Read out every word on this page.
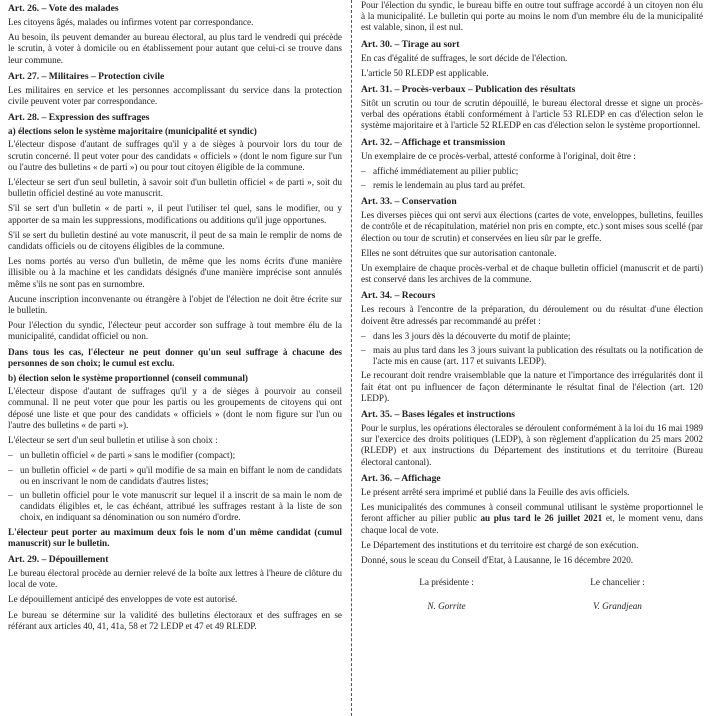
Art. 26. – Vote des malades

Les citoyens âgés, malades ou infirmes votent par correspondance.

Au besoin, ils peuvent demander au bureau électoral, au plus tard le vendredi qui précède le scrutin, à voter à domicile ou en établissement pour autant que celui-ci se trouve dans leur commune.

Art. 27. – Militaires – Protection civile

Les militaires en service et les personnes accomplissant du service dans la protection civile peuvent voter par correspondance.

Art. 28. – Expression des suffrages
a) élections selon le système majoritaire (municipalité et syndic)

L'électeur dispose d'autant de suffrages qu'il y a de sièges à pourvoir lors du tour de scrutin concerné. Il peut voter pour des candidats « officiels » (dont le nom figure sur l'un ou l'autre des bulletins « de parti ») ou pour tout citoyen éligible de la commune.

L'électeur se sert d'un seul bulletin, à savoir soit d'un bulletin officiel « de parti », soit du bulletin officiel destiné au vote manuscrit.

S'il se sert d'un bulletin « de parti », il peut l'utiliser tel quel, sans le modifier, ou y apporter de sa main les suppressions, modifications ou additions qu'il juge opportunes.

S'il se sert du bulletin destiné au vote manuscrit, il peut de sa main le remplir de noms de candidats officiels ou de citoyens éligibles de la commune.

Les noms portés au verso d'un bulletin, de même que les noms écrits d'une manière illisible ou à la machine et les candidats désignés d'une manière imprécise sont annulés même s'ils ne sont pas en surnombre.

Aucune inscription inconvenante ou étrangère à l'objet de l'élection ne doit être écrite sur le bulletin.

Pour l'élection du syndic, l'électeur peut accorder son suffrage à tout membre élu de la municipalité, candidat officiel ou non.

Dans tous les cas, l'électeur ne peut donner qu'un seul suffrage à chacune des personnes de son choix; le cumul est exclu.

b) élection selon le système proportionnel (conseil communal)

L'électeur dispose d'autant de suffrages qu'il y a de sièges à pourvoir au conseil communal. Il ne peut voter que pour les partis ou les groupements de citoyens qui ont déposé une liste et que pour des candidats « officiels » (dont le nom figure sur l'un ou l'autre des bulletins « de parti »).

L'électeur se sert d'un seul bulletin et utilise à son choix :

– un bulletin officiel « de parti » sans le modifier (compact);
– un bulletin officiel « de parti » qu'il modifie de sa main en biffant le nom de candidats ou en inscrivant le nom de candidats d'autres listes;
– un bulletin officiel pour le vote manuscrit sur lequel il a inscrit de sa main le nom de candidats éligibles et, le cas échéant, attribué les suffrages restant à la liste de son choix, en indiquant sa dénomination ou son numéro d'ordre.

L'électeur peut porter au maximum deux fois le nom d'un même candidat (cumul manuscrit) sur le bulletin.

Art. 29. – Dépouillement

Le bureau électoral procède au dernier relevé de la boîte aux lettres à l'heure de clôture du local de vote.

Le dépouillement anticipé des enveloppes de vote est autorisé.

Le bureau se détermine sur la validité des bulletins électoraux et des suffrages en se référant aux articles 40, 41, 41a, 58 et 72 LEDP et 47 et 49 RLEDP.

Pour l'élection du syndic, le bureau biffe en outre tout suffrage accordé à un citoyen non élu à la municipalité. Le bulletin qui porte au moins le nom d'un membre élu de la municipalité est valable, sinon, il est nul.

Art. 30. – Tirage au sort

En cas d'égalité de suffrages, le sort décide de l'élection.

L'article 50 RLEDP est applicable.

Art. 31. – Procès-verbaux – Publication des résultats

Sitôt un scrutin ou tour de scrutin dépouillé, le bureau électoral dresse et signe un procès-verbal des opérations établi conformément à l'article 53 RLEDP en cas d'élection selon le système majoritaire et à l'article 52 RLEDP en cas d'élection selon le système proportionnel.

Art. 32. – Affichage et transmission

Un exemplaire de ce procès-verbal, attesté conforme à l'original, doit être :

– affiché immédiatement au pilier public;
– remis le lendemain au plus tard au préfet.
Art. 33. – Conservation

Les diverses pièces qui ont servi aux élections (cartes de vote, enveloppes, bulletins, feuilles de contrôle et de récapitulation, matériel non pris en compte, etc.) sont mises sous scellé (par élection ou tour de scrutin) et conservées en lieu sûr par le greffe.

Elles ne sont détruites que sur autorisation cantonale.

Un exemplaire de chaque procès-verbal et de chaque bulletin officiel (manuscrit et de parti) est conservé dans les archives de la commune.

Art. 34. – Recours

Les recours à l'encontre de la préparation, du déroulement ou du résultat d'une élection doivent être adressés par recommandé au préfet :

– dans les 3 jours dès la découverte du motif de plainte;
– mais au plus tard dans les 3 jours suivant la publication des résultats ou la notification de l'acte mis en cause (art. 117 et suivants LEDP).

Le recourant doit rendre vraisemblable que la nature et l'importance des irrégularités dont il fait état ont pu influencer de façon déterminante le résultat final de l'élection (art. 120 LEDP).

Art. 35. – Bases légales et instructions

Pour le surplus, les opérations électorales se déroulent conformément à la loi du 16 mai 1989 sur l'exercice des droits politiques (LEDP), à son règlement d'application du 25 mars 2002 (RLEDP) et aux instructions du Département des institutions et du territoire (Bureau électoral cantonal).

Art. 36. – Affichage

Le présent arrêté sera imprimé et publié dans la Feuille des avis officiels.

Les municipalités des communes à conseil communal utilisant le système proportionnel le feront afficher au pilier public au plus tard le 26 juillet 2021 et, le moment venu, dans chaque local de vote.

Le Département des institutions et du territoire est chargé de son exécution.

Donné, sous le sceau du Conseil d'Etat, à Lausanne, le 16 décembre 2020.

La présidente :
N. Gorrite
Le chancelier :
V. Grandjean
